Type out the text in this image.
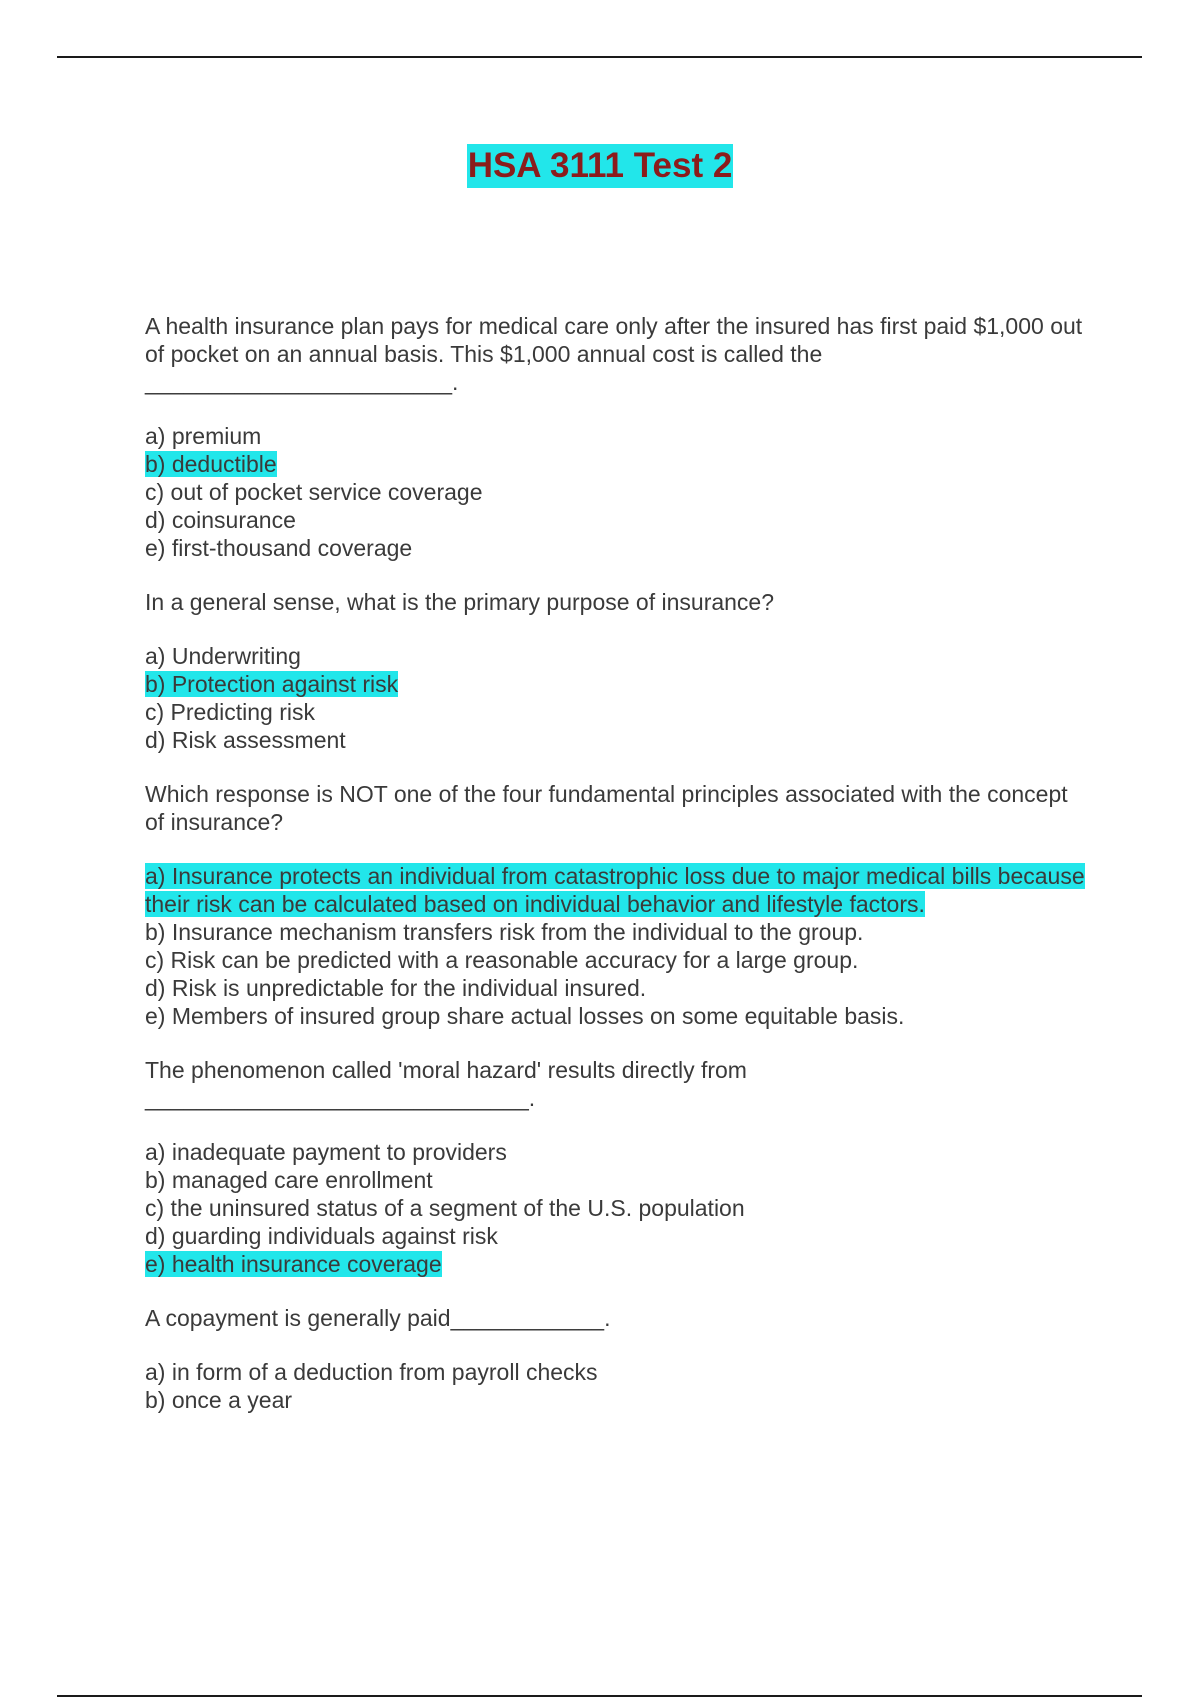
HSA 3111 Test 2

A health insurance plan pays for medical care only after the insured has first paid $1,000 out of pocket on an annual basis. This $1,000 annual cost is called the
________________________.

a) premium
b) deductible
c) out of pocket service coverage
d) coinsurance
e) first-thousand coverage

In a general sense, what is the primary purpose of insurance?

a) Underwriting
b) Protection against risk
c) Predicting risk
d) Risk assessment

Which response is NOT one of the four fundamental principles associated with the concept of insurance?

a) Insurance protects an individual from catastrophic loss due to major medical bills because their risk can be calculated based on individual behavior and lifestyle factors.
b) Insurance mechanism transfers risk from the individual to the group.
c) Risk can be predicted with a reasonable accuracy for a large group.
d) Risk is unpredictable for the individual insured.
e) Members of insured group share actual losses on some equitable basis.

The phenomenon called 'moral hazard' results directly from
______________________________.

a) inadequate payment to providers
b) managed care enrollment
c) the uninsured status of a segment of the U.S. population
d) guarding individuals against risk
e) health insurance coverage

A copayment is generally paid____________.

a) in form of a deduction from payroll checks
b) once a year
